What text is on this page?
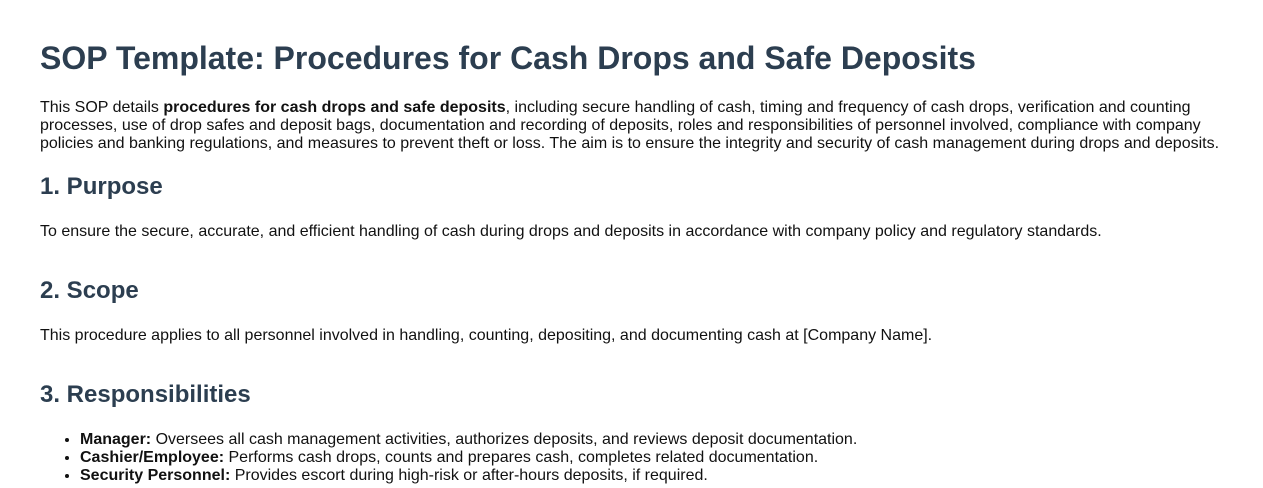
SOP Template: Procedures for Cash Drops and Safe Deposits

This SOP details procedures for cash drops and safe deposits, including secure handling of cash, timing and frequency of cash drops, verification and counting processes, use of drop safes and deposit bags, documentation and recording of deposits, roles and responsibilities of personnel involved, compliance with company policies and banking regulations, and measures to prevent theft or loss. The aim is to ensure the integrity and security of cash management during drops and deposits.

1. Purpose

To ensure the secure, accurate, and efficient handling of cash during drops and deposits in accordance with company policy and regulatory standards.

2. Scope

This procedure applies to all personnel involved in handling, counting, depositing, and documenting cash at [Company Name].

3. Responsibilities
• Manager: Oversees all cash management activities, authorizes deposits, and reviews deposit documentation.
• Cashier/Employee: Performs cash drops, counts and prepares cash, completes related documentation.
• Security Personnel: Provides escort during high-risk or after-hours deposits, if required.
